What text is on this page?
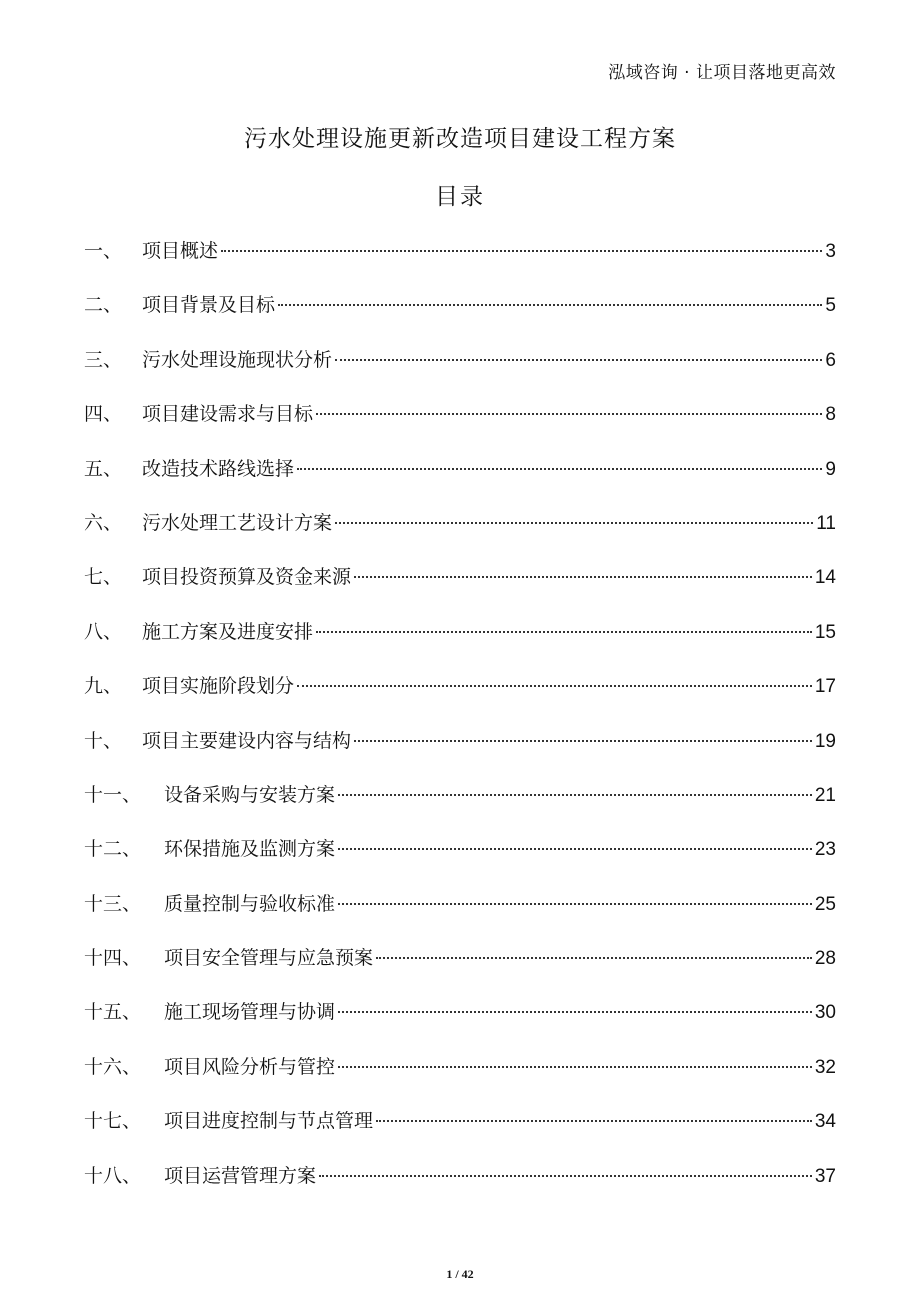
泓域咨询 · 让项目落地更高效
污水处理设施更新改造项目建设工程方案
目录
一、	项目概述	3
二、	项目背景及目标	5
三、	污水处理设施现状分析	6
四、	项目建设需求与目标	8
五、	改造技术路线选择	9
六、	污水处理工艺设计方案	11
七、	项目投资预算及资金来源	14
八、	施工方案及进度安排	15
九、	项目实施阶段划分	17
十、	项目主要建设内容与结构	19
十一、	设备采购与安装方案	21
十二、	环保措施及监测方案	23
十三、	质量控制与验收标准	25
十四、	项目安全管理与应急预案	28
十五、	施工现场管理与协调	30
十六、	项目风险分析与管控	32
十七、	项目进度控制与节点管理	34
十八、	项目运营管理方案	37
1 / 42
